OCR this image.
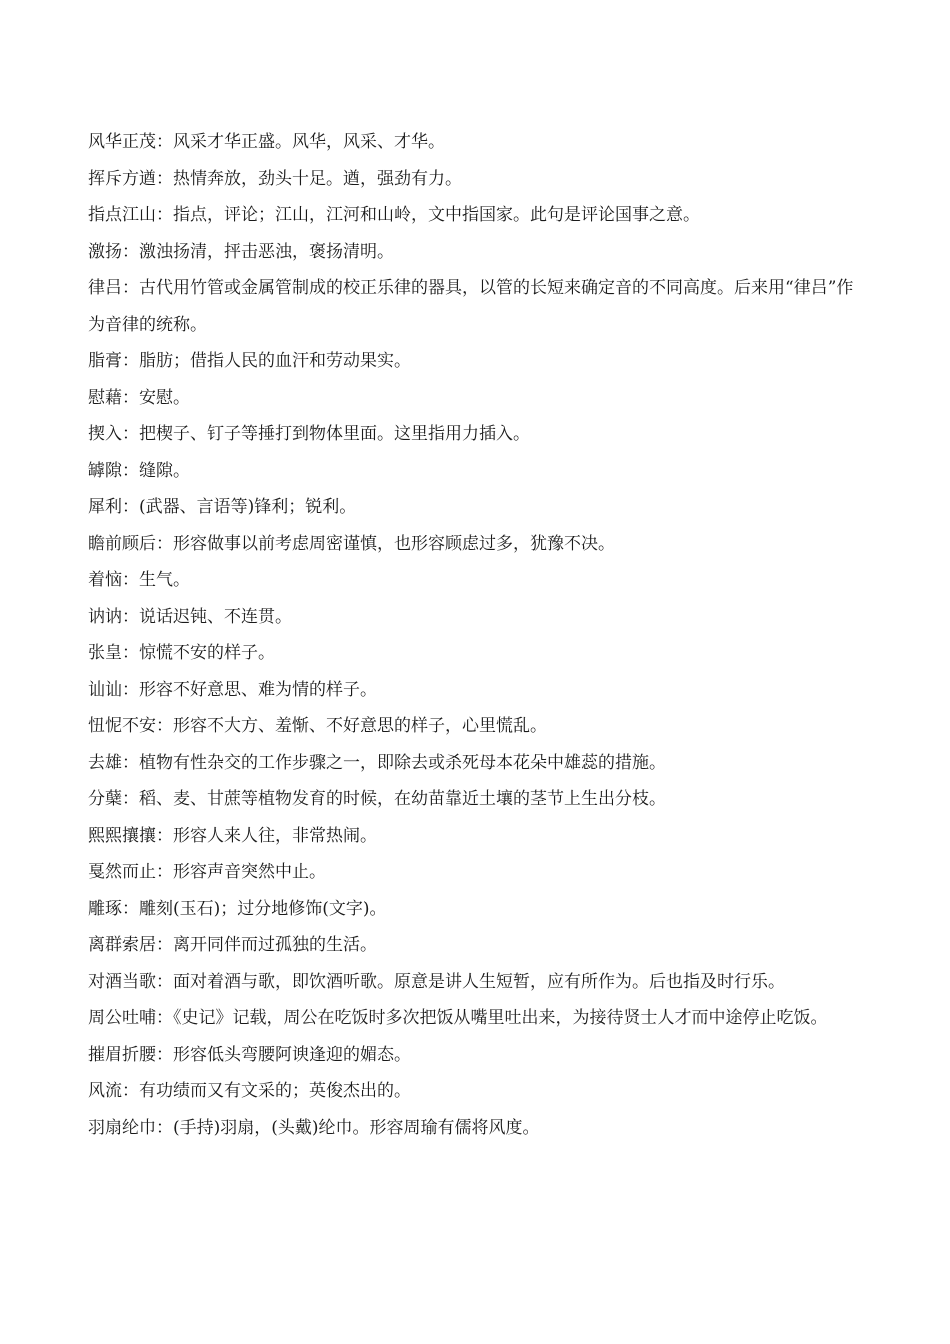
风华正茂：风采才华正盛。风华，风采、才华。

挥斥方遒：热情奔放，劲头十足。遒，强劲有力。

指点江山：指点，评论；江山，江河和山岭，文中指国家。此句是评论国事之意。

激扬：激浊扬清，抨击恶浊，褒扬清明。

律吕：古代用竹管或金属管制成的校正乐律的器具，以管的长短来确定音的不同高度。后来用“律吕”作为音律的统称。

脂膏：脂肪；借指人民的血汗和劳动果实。

慰藉：安慰。

揳入：把楔子、钉子等捶打到物体里面。这里指用力插入。

罅隙：缝隙。

犀利：(武器、言语等)锋利；锐利。

瞻前顾后：形容做事以前考虑周密谨慎，也形容顾虑过多，犹豫不决。

着恼：生气。

讷讷：说话迟钝、不连贯。

张皇：惊慌不安的样子。

讪讪：形容不好意思、难为情的样子。

忸怩不安：形容不大方、羞惭、不好意思的样子，心里慌乱。

去雄：植物有性杂交的工作步骤之一，即除去或杀死母本花朵中雄蕊的措施。

分蘖：稻、麦、甘蔗等植物发育的时候，在幼苗靠近土壤的茎节上生出分枝。

熙熙攘攘：形容人来人往，非常热闹。

戛然而止：形容声音突然中止。

雕琢：雕刻(玉石)；过分地修饰(文字)。

离群索居：离开同伴而过孤独的生活。

对酒当歌：面对着酒与歌，即饮酒听歌。原意是讲人生短暂，应有所作为。后也指及时行乐。

周公吐哺：《史记》记载，周公在吃饭时多次把饭从嘴里吐出来，为接待贤士人才而中途停止吃饭。

摧眉折腰：形容低头弯腰阿谀逢迎的媚态。

风流：有功绩而又有文采的；英俊杰出的。

羽扇纶巾：(手持)羽扇，(头戴)纶巾。形容周瑜有儒将风度。
